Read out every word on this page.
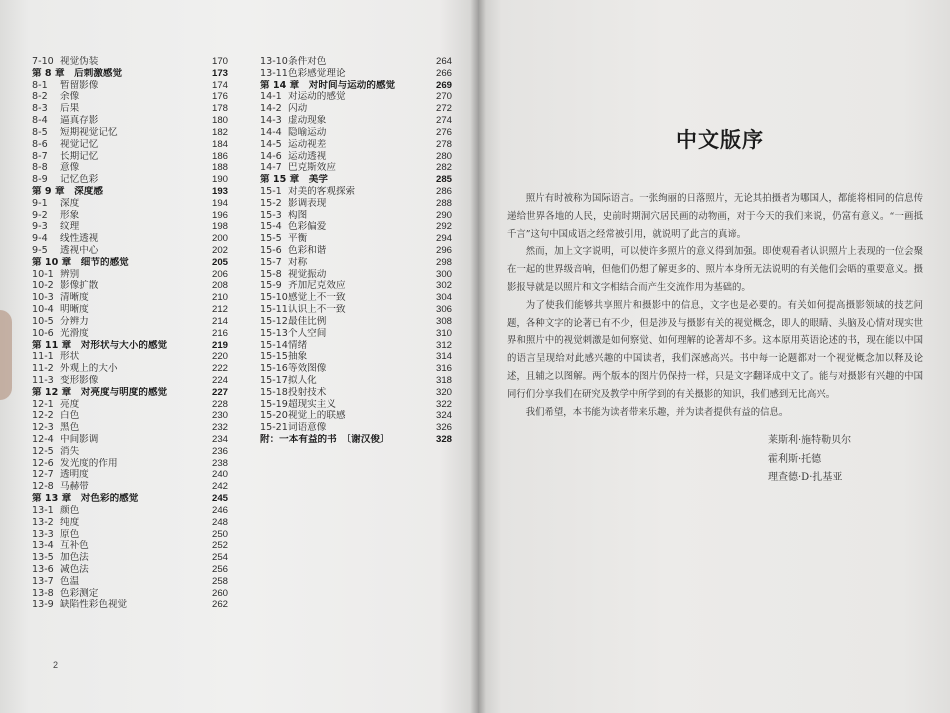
7-10 视觉伪装	170
第 8 章　后刺激感觉	173
8-1	暂留影像	174
8-2	余像	176
8-3	后果	178
8-4	逼真存影	180
8-5	短期视觉记忆	182
8-6	视觉记忆	184
8-7	长期记忆	186
8-8	意像	188
8-9	记忆色彩	190
第 9 章　深度感	193
9-1	深度	194
9-2	形象	196
9-3	纹理	198
9-4	线性透视	200
9-5	透视中心	202
第 10 章　细节的感觉	205
10-1 辨别	206
10-2 影像扩散	208
10-3 清晰度	210
10-4 明晰度	212
10-5 分辨力	214
10-6 光滑度	216
第 11 章　对形状与大小的感觉	219
11-1 形状	220
11-2 外观上的大小	222
11-3 变形影像	224
第 12 章　对亮度与明度的感觉	227
12-1 亮度	228
12-2 白色	230
12-3 黑色	232
12-4 中间影调	234
12-5 消失	236
12-6 发光度的作用	238
12-7 透明度	240
12-8 马赫带	242
第 13 章　对色彩的感觉	245
13-1 颜色	246
13-2 纯度	248
13-3 原色	250
13-4 互补色	252
13-5 加色法	254
13-6 减色法	256
13-7 色温	258
13-8 色彩测定	260
13-9 缺陷性彩色视觉	262
13-10 条件对色	264
13-11 色彩感觉理论	266
第 14 章　对时间与运动的感觉	269
14-1 对运动的感觉	270
14-2 闪动	272
14-3 虚动现象	274
14-4 隐喻运动	276
14-5 运动视差	278
14-6 运动透视	280
14-7 巴克斯效应	282
第 15 章　美学	285
15-1 对美的客观探索	286
15-2 影调表现	288
15-3 构图	290
15-4 色彩偏爱	292
15-5 平衡	294
15-6 色彩和谐	296
15-7 对称	298
15-8 视觉振动	300
15-9 齐加尼克效应	302
15-10 感觉上不一致	304
15-11 认识上不一致	306
15-12 最佳比例	308
15-13 个人空间	310
15-14 情绪	312
15-15 抽象	314
15-16 等效图像	316
15-17 拟人化	318
15-18 投射技术	320
15-19 超现实主义	322
15-20 视觉上的联感	324
15-21 词语意像	326
附：一本有益的书　〔谢汉俊〕	328
2
中文版序

照片有时被称为国际语言。一张绚丽的日落照片，无论其拍摄者为哪国人，都能将相同的信息传递给世界各地的人民，史前时期洞穴居民画的动物画，对于今天的我们来说，仍富有意义。“一画抵千言”这句中国成语之经常被引用，就说明了此言的真谛。

然而，加上文字说明，可以使许多照片的意义得到加强。即使观看者认识照片上表现的一位会聚在一起的世界级音响，但他们仍想了解更多的、照片本身所无法说明的有关他们会晤的重要意义。摄影报导就是以照片和文字相结合而产生交流作用为基础的。

为了使我们能够共享照片和摄影中的信息，文字也是必要的。有关如何提高摄影领域的技艺问题，各种文字的论著已有不少，但是涉及与摄影有关的视觉概念，即人的眼睛、头脑及心情对现实世界和照片中的视觉刺激是如何察觉、如何理解的论著却不多。这本原用英语论述的书，现在能以中国的语言呈现给对此感兴趣的中国读者，我们深感高兴。书中每一论题都对一个视觉概念加以释及论述，且辅之以图解。两个版本的图片仍保持一样，只是文字翻译成中文了。能与对摄影有兴趣的中国同行们分享我们在研究及教学中所学到的有关摄影的知识，我们感到无比高兴。

我们希望，本书能为读者带来乐趣，并为读者提供有益的信息。

莱斯利·施特勒贝尔
霍利斯·托德
理查德·D·扎基亚
